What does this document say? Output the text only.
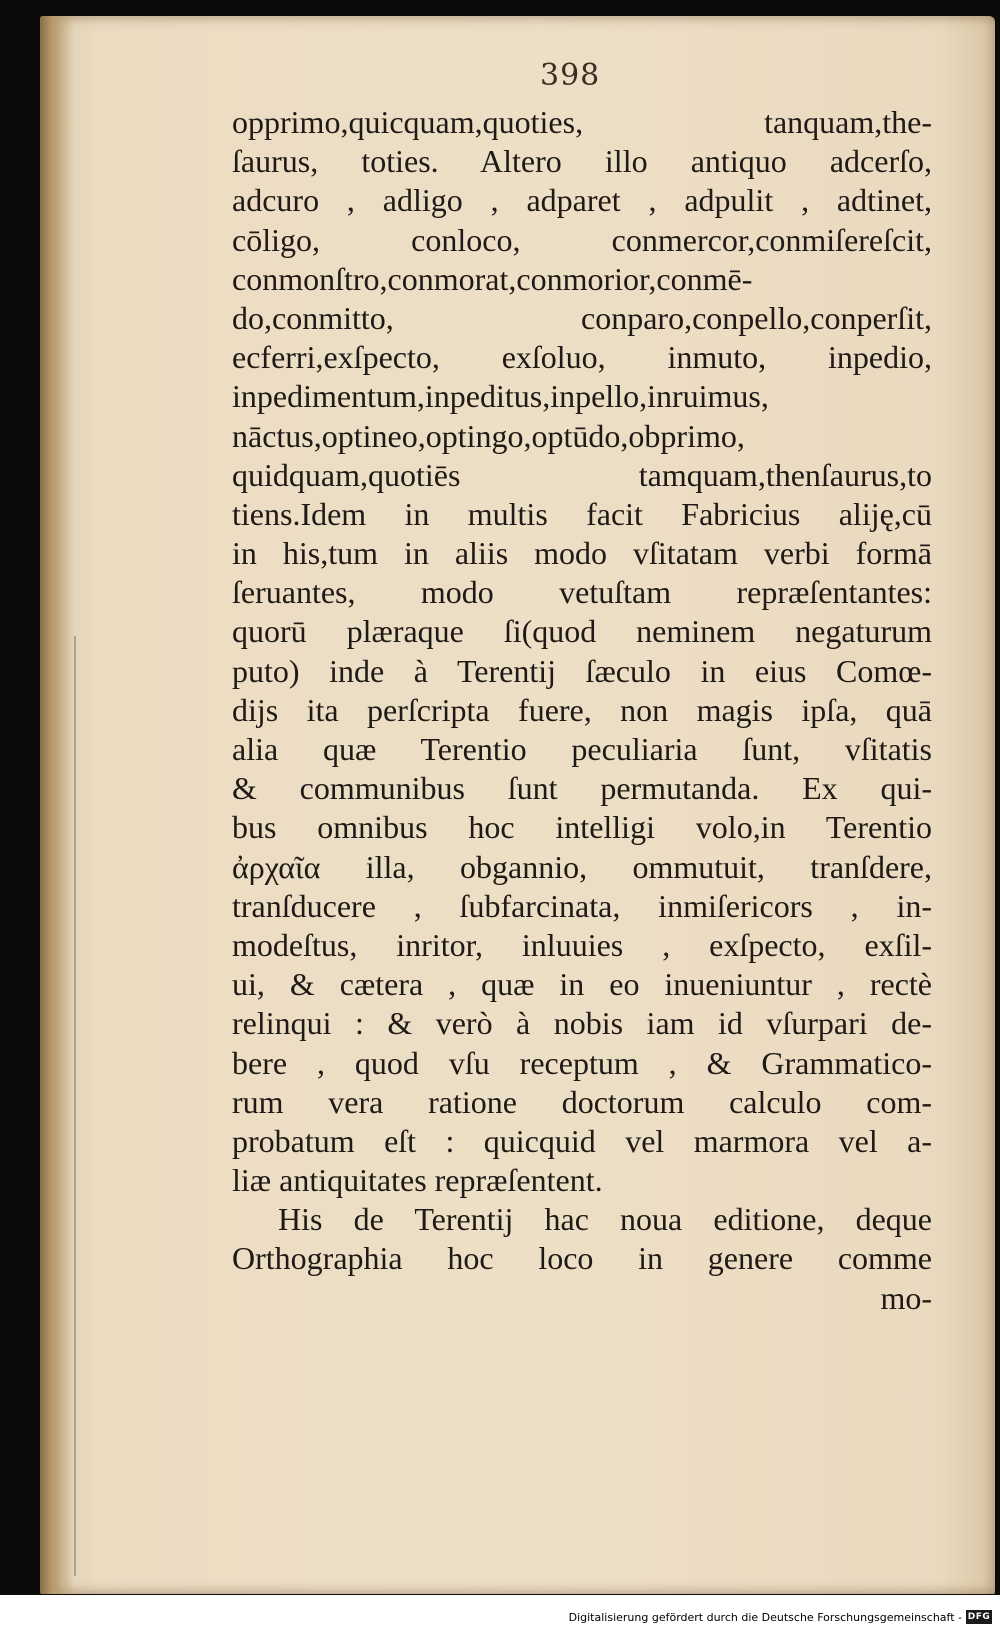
398

opprimo,quicquam,quoties, tanquam,the-
ſaurus, toties. Altero illo antiquo adcerſo,
adcuro , adligo , adparet , adpulit , adtinet,
cōligo, conloco, conmercor,conmiſereſcit,
conmonſtro,conmorat,conmorior,conmē-
do,conmitto, conparo,conpello,conperſit,
ecferri,exſpecto, exſoluo, inmuto, inpedio,
inpedimentum,inpeditus,inpello,inruimus,
nāctus,optineo,optingo,optūdo,obprimo,
quidquam,quotiēs tamquam,thenſaurus,to
tiens.Idem in multis facit Fabricius aliję,cū
in his,tum in aliis modo vſitatam verbi formā
ſeruantes, modo vetuſtam repræſentantes:
quorū plæraque ſi(quod neminem negaturum
puto) inde à Terentij ſæculo in eius Comœ-
dijs ita perſcripta fuere, non magis ipſa, quā
alia quæ Terentio peculiaria ſunt, vſitatis
& communibus ſunt permutanda. Ex qui-
bus omnibus hoc intelligi volo,in Terentio
ἀρχαῖα illa, obgannio, ommutuit, tranſdere,
tranſducere , ſubfarcinata, inmiſericors , in-
modeſtus, inritor, inluuies , exſpecto, exſil-
ui, & cætera , quæ in eo inueniuntur , rectè
relinqui : & verò à nobis iam id vſurpari de-
bere , quod vſu receptum , & Grammatico-
rum vera ratione doctorum calculo com-
probatum eſt : quicquid vel marmora vel a-
liæ antiquitates repræſentent.
His de Terentij hac noua editione, deque
Orthographia hoc loco in genere comme
mo-

Digitalisierung gefördert durch die Deutsche Forschungsgemeinschaft - DFG
